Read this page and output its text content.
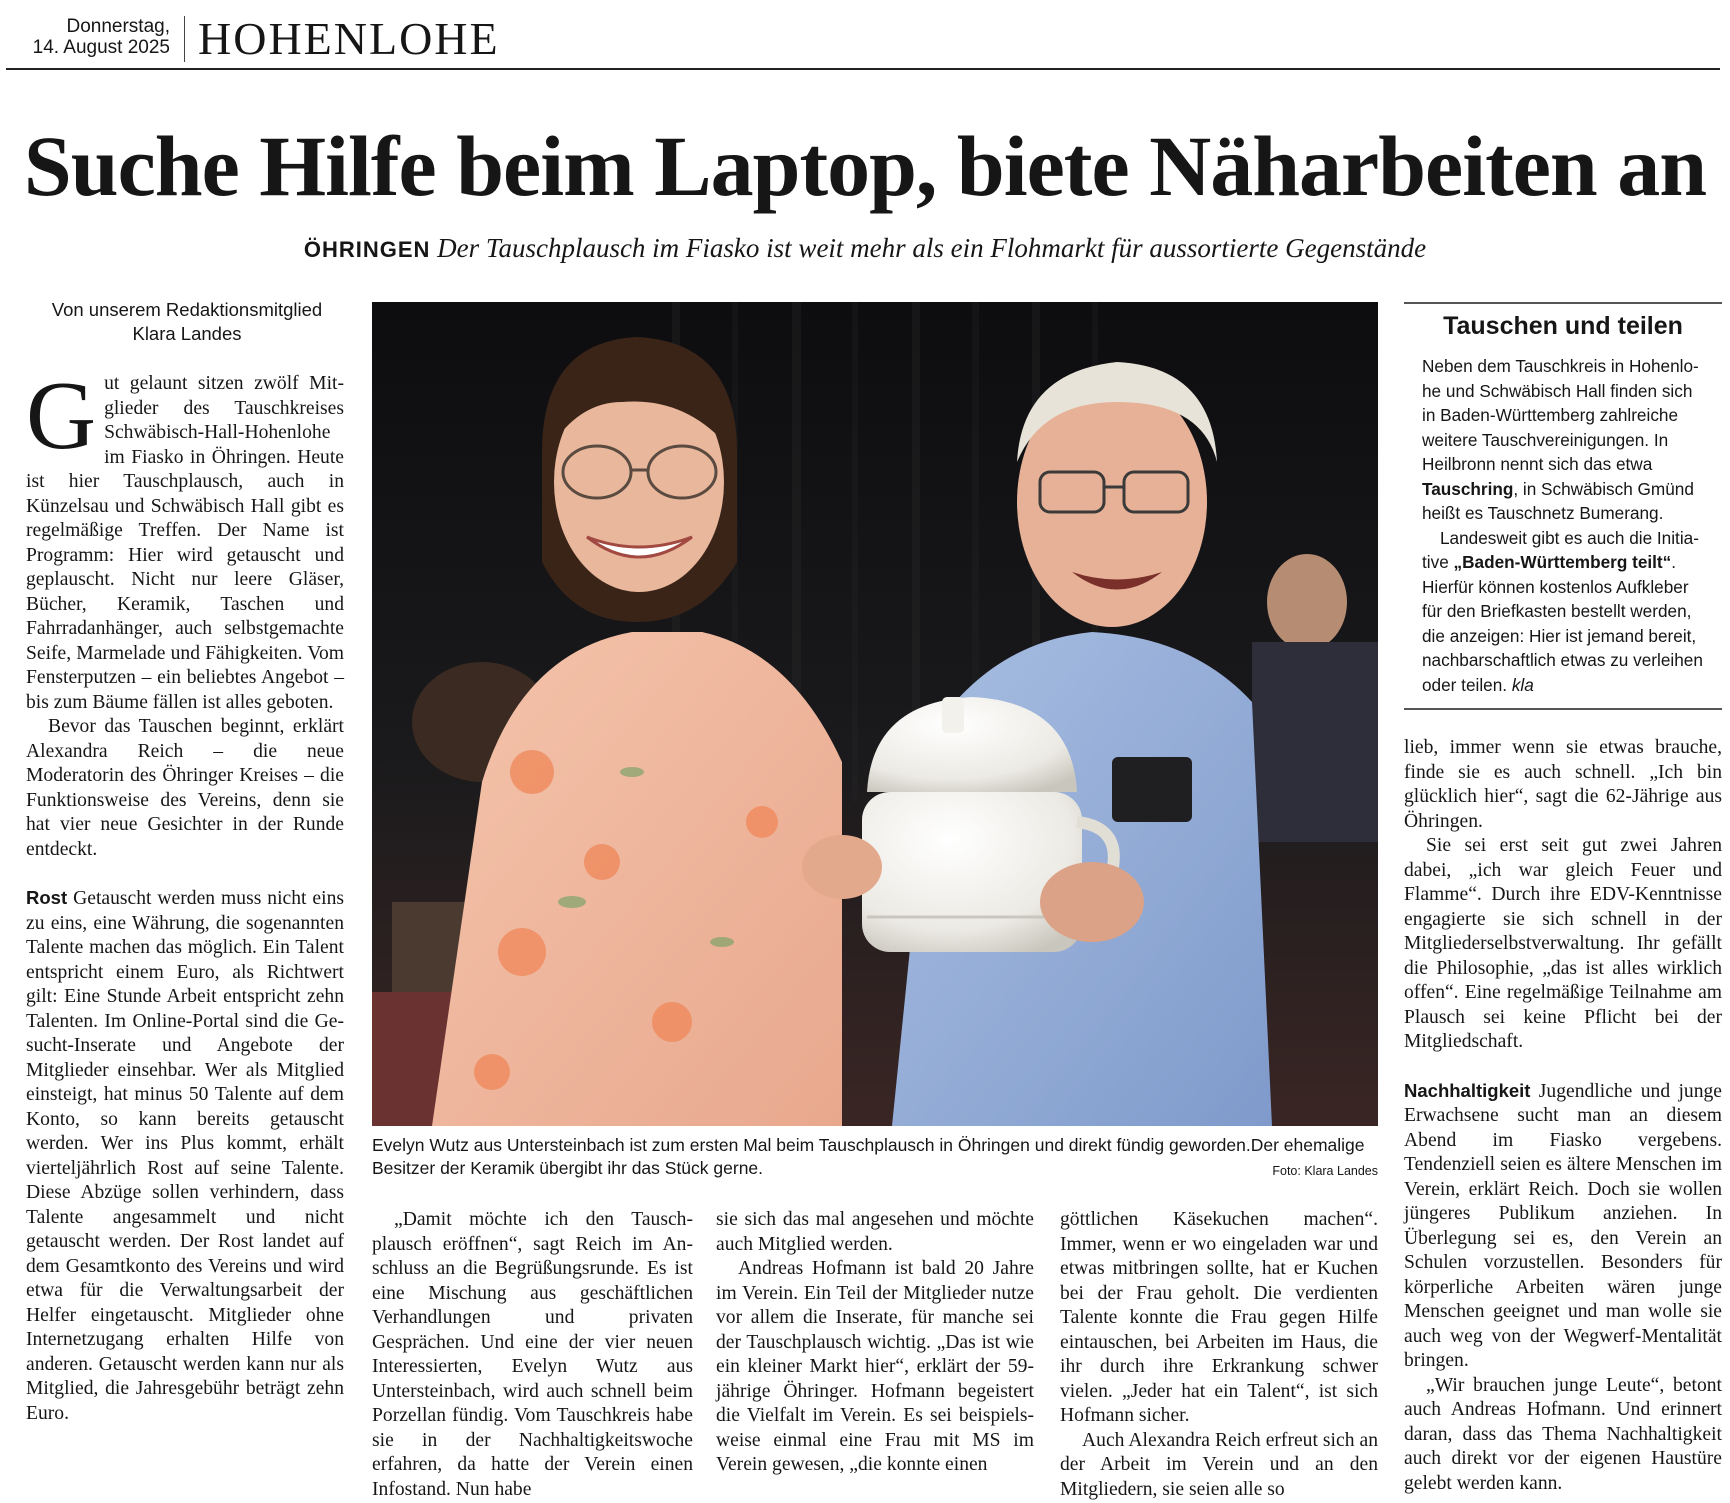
Donnerstag,
14. August 2025 HOHENLOHE
Suche Hilfe beim Laptop, biete Näharbeiten an
ÖHRINGEN Der Tauschplausch im Fiasko ist weit mehr als ein Flohmarkt für aussortierte Gegenstände
Von unserem Redaktionsmitglied
Klara Landes

Gut gelaunt sitzen zwölf Mitglieder des Tauschkreises Schwäbisch-Hall-Hohenlohe im Fiasko in Öhringen. Heute ist hier Tauschplausch, auch in Künzelsau und Schwäbisch Hall gibt es regelmäßige Treffen. Der Name ist Programm: Hier wird getauscht und geplauscht. Nicht nur leere Gläser, Bücher, Keramik, Taschen und Fahrradanhänger, auch selbstgemachte Seife, Marmelade und Fähigkeiten. Vom Fensterputzen – ein beliebtes Angebot – bis zum Bäume fällen ist alles geboten.

Bevor das Tauschen beginnt, erklärt Alexandra Reich – die neue Moderatorin des Öhringer Kreises – die Funktionsweise des Vereins, denn sie hat vier neue Gesichter in der Runde entdeckt.

Rost Getauscht werden muss nicht eins zu eins, eine Währung, die sogenannten Talente machen das möglich. Ein Talent entspricht einem Euro, als Richtwert gilt: Eine Stunde Arbeit entspricht zehn Talenten. Im Online-Portal sind die Gesucht-Inserate und Angebote der Mitglieder einsehbar. Wer als Mitglied einsteigt, hat minus 50 Talente auf dem Konto, so kann bereits getauscht werden. Wer ins Plus kommt, erhält vierteljährlich Rost auf seine Talente. Diese Abzüge sollen verhindern, dass Talente angesammelt und nicht getauscht werden. Der Rost landet auf dem Gesamtkonto des Vereins und wird etwa für die Verwaltungsarbeit der Helfer eingetauscht. Mitglieder ohne Internetzugang erhalten Hilfe von anderen. Getauscht werden kann nur als Mitglied, die Jahresgebühr beträgt zehn Euro.

Evelyn Wutz aus Untersteinbach ist zum ersten Mal beim Tauschplausch in Öhringen und direkt fündig geworden.Der ehemalige Besitzer der Keramik übergibt ihr das Stück gerne.	Foto: Klara Landes
Tauschen und teilen

Neben dem Tauschkreis in Hohenlohe und Schwäbisch Hall finden sich in Baden-Württemberg zahlreiche weitere Tauschvereinigungen. In Heilbronn nennt sich das etwa Tauschring, in Schwäbisch Gmünd heißt es Tauschnetz Bumerang.

Landesweit gibt es auch die Initiative „Baden-Württemberg teilt“. Hierfür können kostenlos Aufkleber für den Briefkasten bestellt werden, die anzeigen: Hier ist jemand bereit, nachbarschaftlich etwas zu verleihen oder teilen. kla

„Damit möchte ich den Tauschplausch eröffnen“, sagt Reich im Anschluss an die Begrüßungsrunde. Es ist eine Mischung aus geschäftlichen Verhandlungen und privaten Gesprächen. Und eine der vier neuen Interessierten, Evelyn Wutz aus Untersteinbach, wird auch schnell beim Porzellan fündig. Vom Tauschkreis habe sie in der Nachhaltigkeitswoche erfahren, da hatte der Verein einen Infostand. Nun habe

sie sich das mal angesehen und möchte auch Mitglied werden.

Andreas Hofmann ist bald 20 Jahre im Verein. Ein Teil der Mitglieder nutze vor allem die Inserate, für manche sei der Tauschplausch wichtig. „Das ist wie ein kleiner Markt hier“, erklärt der 59-jährige Öhringer. Hofmann begeistert die Vielfalt im Verein. Es sei beispielsweise einmal eine Frau mit MS im Verein gewesen, „die konnte einen

göttlichen Käsekuchen machen“. Immer, wenn er wo eingeladen war und etwas mitbringen sollte, hat er Kuchen bei der Frau geholt. Die verdienten Talente konnte die Frau gegen Hilfe eintauschen, bei Arbeiten im Haus, die ihr durch ihre Erkrankung schwer vielen. „Jeder hat ein Talent“, ist sich Hofmann sicher.

Auch Alexandra Reich erfreut sich an der Arbeit im Verein und an den Mitgliedern, sie seien alle so

lieb, immer wenn sie etwas brauche, finde sie es auch schnell. „Ich bin glücklich hier“, sagt die 62-Jährige aus Öhringen.

Sie sei erst seit gut zwei Jahren dabei, „ich war gleich Feuer und Flamme“. Durch ihre EDV-Kenntnisse engagierte sie sich schnell in der Mitgliederselbstverwaltung. Ihr gefällt die Philosophie, „das ist alles wirklich offen“. Eine regelmäßige Teilnahme am Plausch sei keine Pflicht bei der Mitgliedschaft.

Nachhaltigkeit Jugendliche und junge Erwachsene sucht man an diesem Abend im Fiasko vergebens. Tendenziell seien es ältere Menschen im Verein, erklärt Reich. Doch sie wollen jüngeres Publikum anziehen. In Überlegung sei es, den Verein an Schulen vorzustellen. Besonders für körperliche Arbeiten wären junge Menschen geeignet und man wolle sie auch weg von der Wegwerf-Mentalität bringen.

„Wir brauchen junge Leute“, betont auch Andreas Hofmann. Und erinnert daran, dass das Thema Nachhaltigkeit auch direkt vor der eigenen Haustüre gelebt werden kann.
